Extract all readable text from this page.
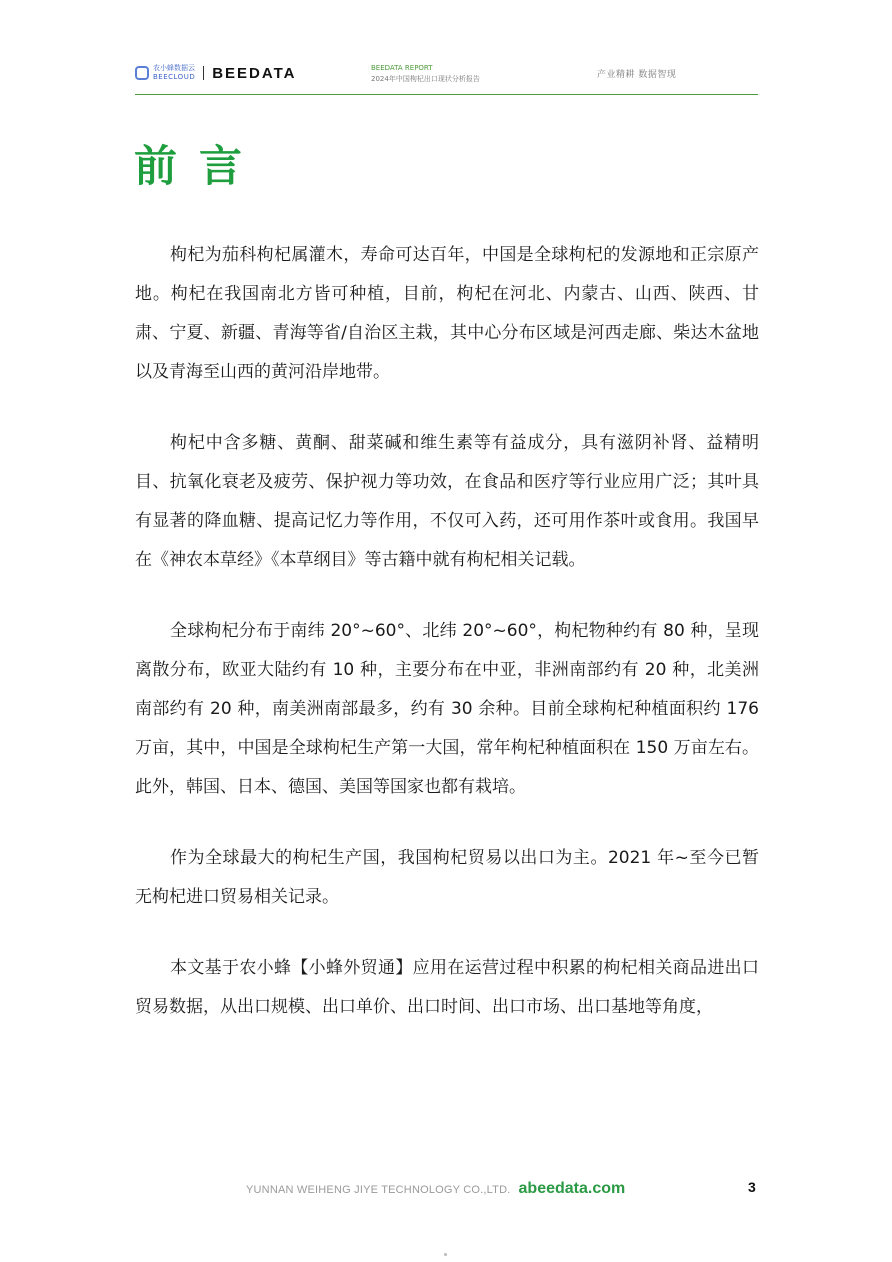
农小蜂数据云
BEECLOUD BEEDATA	BEEDATA REPORT
2024年中国枸杞出口现状分析报告	产业精耕 数据智现
前言

枸杞为茄科枸杞属灌木，寿命可达百年，中国是全球枸杞的发源地和正宗原产地。枸杞在我国南北方皆可种植，目前，枸杞在河北、内蒙古、山西、陕西、甘肃、宁夏、新疆、青海等省/自治区主栽，其中心分布区域是河西走廊、柴达木盆地以及青海至山西的黄河沿岸地带。

枸杞中含多糖、黄酮、甜菜碱和维生素等有益成分，具有滋阴补肾、益精明目、抗氧化衰老及疲劳、保护视力等功效，在食品和医疗等行业应用广泛；其叶具有显著的降血糖、提高记忆力等作用，不仅可入药，还可用作茶叶或食用。我国早在《神农本草经》《本草纲目》等古籍中就有枸杞相关记载。

全球枸杞分布于南纬 20°~60°、北纬 20°~60°，枸杞物种约有 80 种，呈现离散分布，欧亚大陆约有 10 种，主要分布在中亚，非洲南部约有 20 种，北美洲南部约有 20 种，南美洲南部最多，约有 30 余种。目前全球枸杞种植面积约 176 万亩，其中，中国是全球枸杞生产第一大国，常年枸杞种植面积在 150 万亩左右。此外，韩国、日本、德国、美国等国家也都有栽培。

作为全球最大的枸杞生产国，我国枸杞贸易以出口为主。2021 年~至今已暂无枸杞进口贸易相关记录。

本文基于农小蜂【小蜂外贸通】应用在运营过程中积累的枸杞相关商品进出口贸易数据，从出口规模、出口单价、出口时间、出口市场、出口基地等角度，

YUNNAN WEIHENG JIYE TECHNOLOGY CO.,LTD. abeedata.com	3
